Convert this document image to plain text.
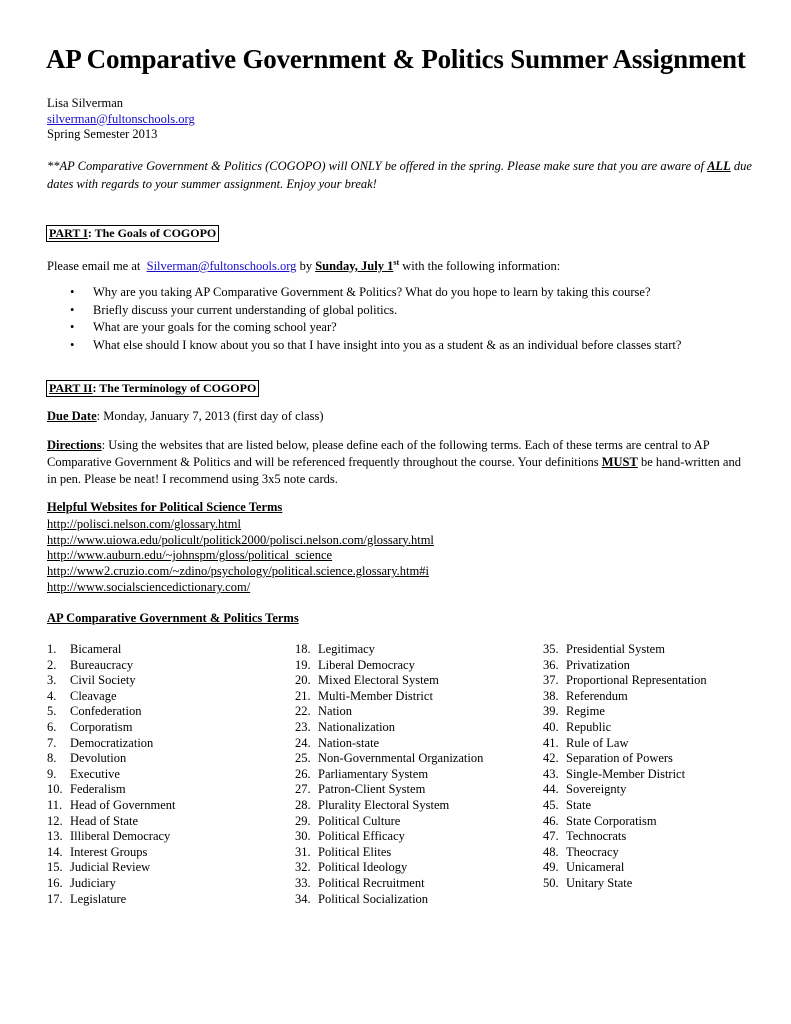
AP Comparative Government & Politics Summer Assignment
Lisa Silverman
silverman@fultonschools.org
Spring Semester 2013
**AP Comparative Government & Politics (COGOPO) will ONLY be offered in the spring. Please make sure that you are aware of ALL due dates with regards to your summer assignment. Enjoy your break!
PART I: The Goals of COGOPO
Please email me at  Silverman@fultonschools.org by Sunday, July 1st with the following information:
• Why are you taking AP Comparative Government & Politics? What do you hope to learn by taking this course?
• Briefly discuss your current understanding of global politics.
• What are your goals for the coming school year?
• What else should I know about you so that I have insight into you as a student & as an individual before classes start?
PART II: The Terminology of COGOPO
Due Date: Monday, January 7, 2013 (first day of class)
Directions: Using the websites that are listed below, please define each of the following terms. Each of these terms are central to AP Comparative Government & Politics and will be referenced frequently throughout the course. Your definitions MUST be hand-written and in pen. Please be neat! I recommend using 3x5 note cards.
Helpful Websites for Political Science Terms
http://polisci.nelson.com/glossary.html
http://www.uiowa.edu/policult/politick2000/polisci.nelson.com/glossary.html
http://www.auburn.edu/~johnspm/gloss/political_science
http://www2.cruzio.com/~zdino/psychology/political.science.glossary.htm#i
http://www.socialsciencedictionary.com/
AP Comparative Government & Politics Terms
1. Bicameral
2. Bureaucracy
3. Civil Society
4. Cleavage
5. Confederation
6. Corporatism
7. Democratization
8. Devolution
9. Executive
10. Federalism
11. Head of Government
12. Head of State
13. Illiberal Democracy
14. Interest Groups
15. Judicial Review
16. Judiciary
17. Legislature
18. Legitimacy
19. Liberal Democracy
20. Mixed Electoral System
21. Multi-Member District
22. Nation
23. Nationalization
24. Nation-state
25. Non-Governmental Organization
26. Parliamentary System
27. Patron-Client System
28. Plurality Electoral System
29. Political Culture
30. Political Efficacy
31. Political Elites
32. Political Ideology
33. Political Recruitment
34. Political Socialization
35. Presidential System
36. Privatization
37. Proportional Representation
38. Referendum
39. Regime
40. Republic
41. Rule of Law
42. Separation of Powers
43. Single-Member District
44. Sovereignty
45. State
46. State Corporatism
47. Technocrats
48. Theocracy
49. Unicameral
50. Unitary State
